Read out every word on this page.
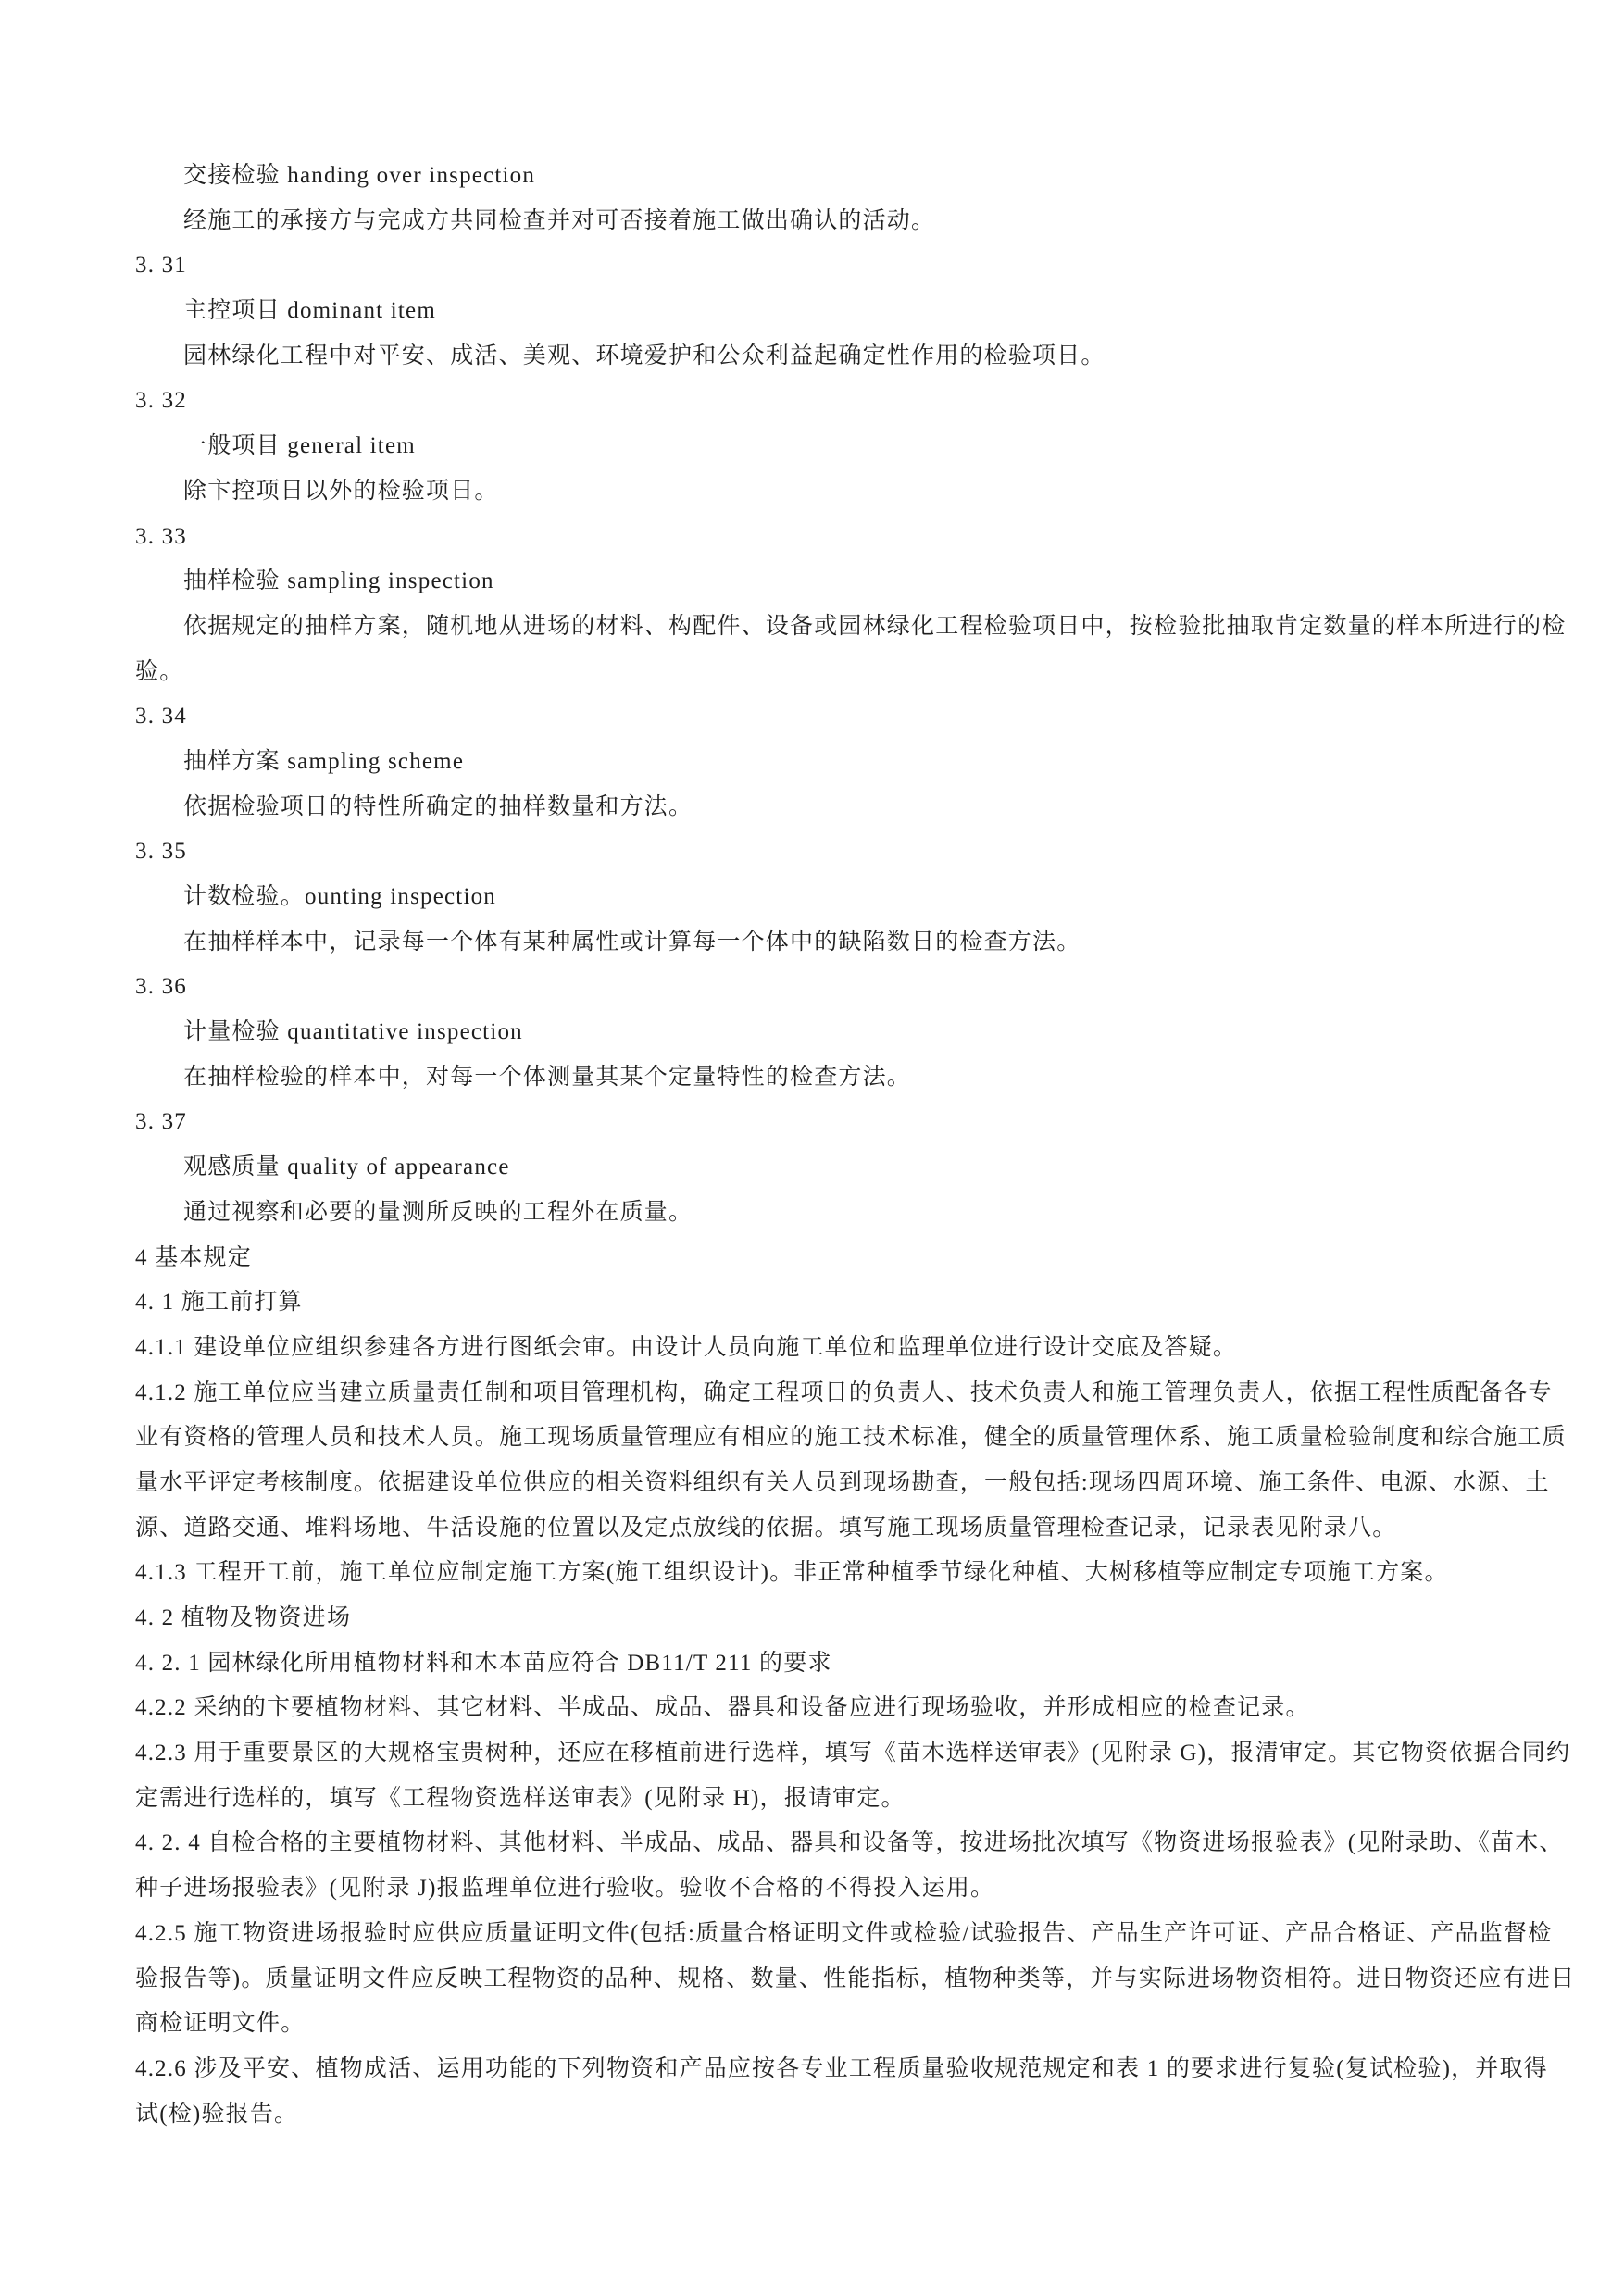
交接检验 handing over inspection
经施工的承接方与完成方共同检查并对可否接着施工做出确认的活动。
3. 31
主控项目 dominant item
园林绿化工程中对平安、成活、美观、环境爱护和公众利益起确定性作用的检验项日。
3. 32
一般项目 general item
除卞控项日以外的检验项日。
3. 33
抽样检验 sampling inspection
依据规定的抽样方案，随机地从进场的材料、构配件、设备或园林绿化工程检验项日中，按检验批抽取肯定数量的样本所进行的检
验。
3. 34
抽样方案 sampling scheme
依据检验项日的特性所确定的抽样数量和方法。
3. 35
计数检验。ounting inspection
在抽样样本中，记录每一个体有某种属性或计算每一个体中的缺陷数日的检查方法。
3. 36
计量检验 quantitative inspection
在抽样检验的样本中，对每一个体测量其某个定量特性的检查方法。
3. 37
观感质量 quality of appearance
通过视察和必要的量测所反映的工程外在质量。
4 基本规定
4. 1 施工前打算
4.1.1 建设单位应组织参建各方进行图纸会审。由设计人员向施工单位和监理单位进行设计交底及答疑。
4.1.2 施工单位应当建立质量责任制和项目管理机构，确定工程项日的负责人、技术负责人和施工管理负责人，依据工程性质配备各专
业有资格的管理人员和技术人员。施工现场质量管理应有相应的施工技术标准，健全的质量管理体系、施工质量检验制度和综合施工质
量水平评定考核制度。依据建设单位供应的相关资料组织有关人员到现场勘查，一般包括:现场四周环境、施工条件、电源、水源、土
源、道路交通、堆料场地、牛活设施的位置以及定点放线的依据。填写施工现场质量管理检查记录，记录表见附录八。
4.1.3 工程开工前，施工单位应制定施工方案(施工组织设计)。非正常种植季节绿化种植、大树移植等应制定专项施工方案。
4. 2 植物及物资进场
4. 2. 1 园林绿化所用植物材料和木本苗应符合 DB11/T 211 的要求
4.2.2 采纳的卞要植物材料、其它材料、半成品、成品、器具和设备应进行现场验收，并形成相应的检查记录。
4.2.3 用于重要景区的大规格宝贵树种，还应在移植前进行选样，填写《苗木选样送审表》(见附录 G)，报清审定。其它物资依据合同约
定需进行选样的，填写《工程物资选样送审表》(见附录 H)，报请审定。
4. 2. 4 自检合格的主要植物材料、其他材料、半成品、成品、器具和设备等，按进场批次填写《物资进场报验表》(见附录助、《苗木、
种子进场报验表》(见附录 J)报监理单位进行验收。验收不合格的不得投入运用。
4.2.5 施工物资进场报验时应供应质量证明文件(包括:质量合格证明文件或检验/试验报告、产品生产许可证、产品合格证、产品监督检
验报告等)。质量证明文件应反映工程物资的品种、规格、数量、性能指标，植物种类等，并与实际进场物资相符。进日物资还应有进日
商检证明文件。
4.2.6 涉及平安、植物成活、运用功能的下列物资和产品应按各专业工程质量验收规范规定和表 1 的要求进行复验(复试检验)，并取得
试(检)验报告。
